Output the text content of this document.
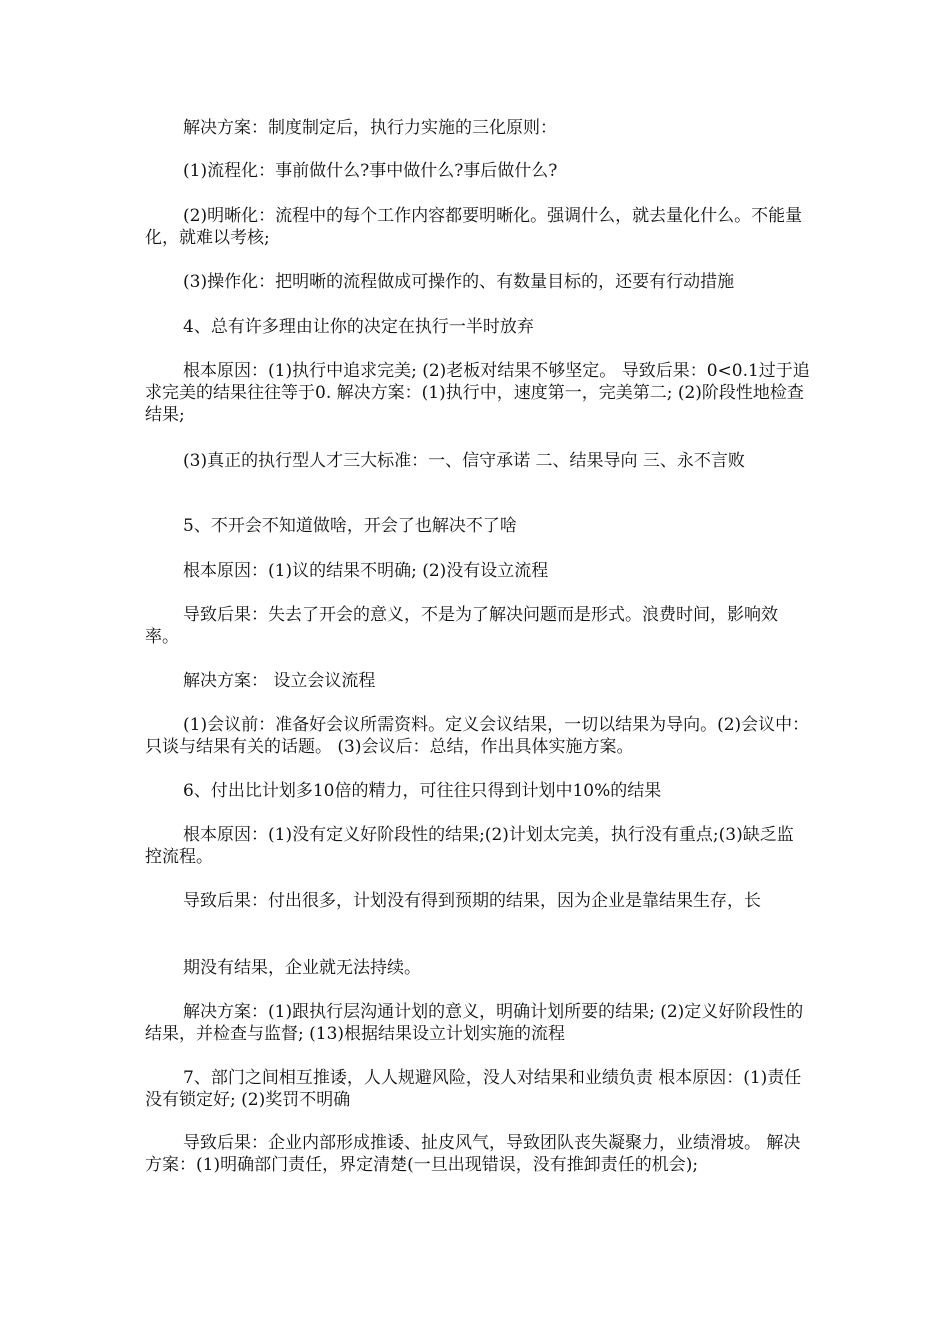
解决方案：制度制定后，执行力实施的三化原则：

(1)流程化：事前做什么?事中做什么?事后做什么?

(2)明晰化：流程中的每个工作内容都要明晰化。强调什么，就去量化什么。不能量化，就难以考核;

(3)操作化：把明晰的流程做成可操作的、有数量目标的，还要有行动措施

4、总有许多理由让你的决定在执行一半时放弃

根本原因：(1)执行中追求完美; (2)老板对结果不够坚定。 导致后果：0<0.1过于追求完美的结果往往等于0. 解决方案：(1)执行中，速度第一，完美第二; (2)阶段性地检查结果;

(3)真正的执行型人才三大标准：一、信守承诺 二、结果导向 三、永不言败

5、不开会不知道做啥，开会了也解决不了啥

根本原因：(1)议的结果不明确; (2)没有设立流程

导致后果：失去了开会的意义，不是为了解决问题而是形式。浪费时间，影响效率。

解决方案： 设立会议流程

(1)会议前：准备好会议所需资料。定义会议结果，一切以结果为导向。(2)会议中：只谈与结果有关的话题。 (3)会议后：总结，作出具体实施方案。

6、付出比计划多10倍的精力，可往往只得到计划中10%的结果

根本原因：(1)没有定义好阶段性的结果;(2)计划太完美，执行没有重点;(3)缺乏监控流程。

导致后果：付出很多，计划没有得到预期的结果，因为企业是靠结果生存，长

期没有结果，企业就无法持续。

解决方案：(1)跟执行层沟通计划的意义，明确计划所要的结果; (2)定义好阶段性的结果，并检查与监督; (13)根据结果设立计划实施的流程

7、部门之间相互推诿，人人规避风险，没人对结果和业绩负责 根本原因：(1)责任没有锁定好; (2)奖罚不明确

导致后果：企业内部形成推诿、扯皮风气，导致团队丧失凝聚力，业绩滑坡。 解决方案：(1)明确部门责任，界定清楚(一旦出现错误，没有推卸责任的机会);
